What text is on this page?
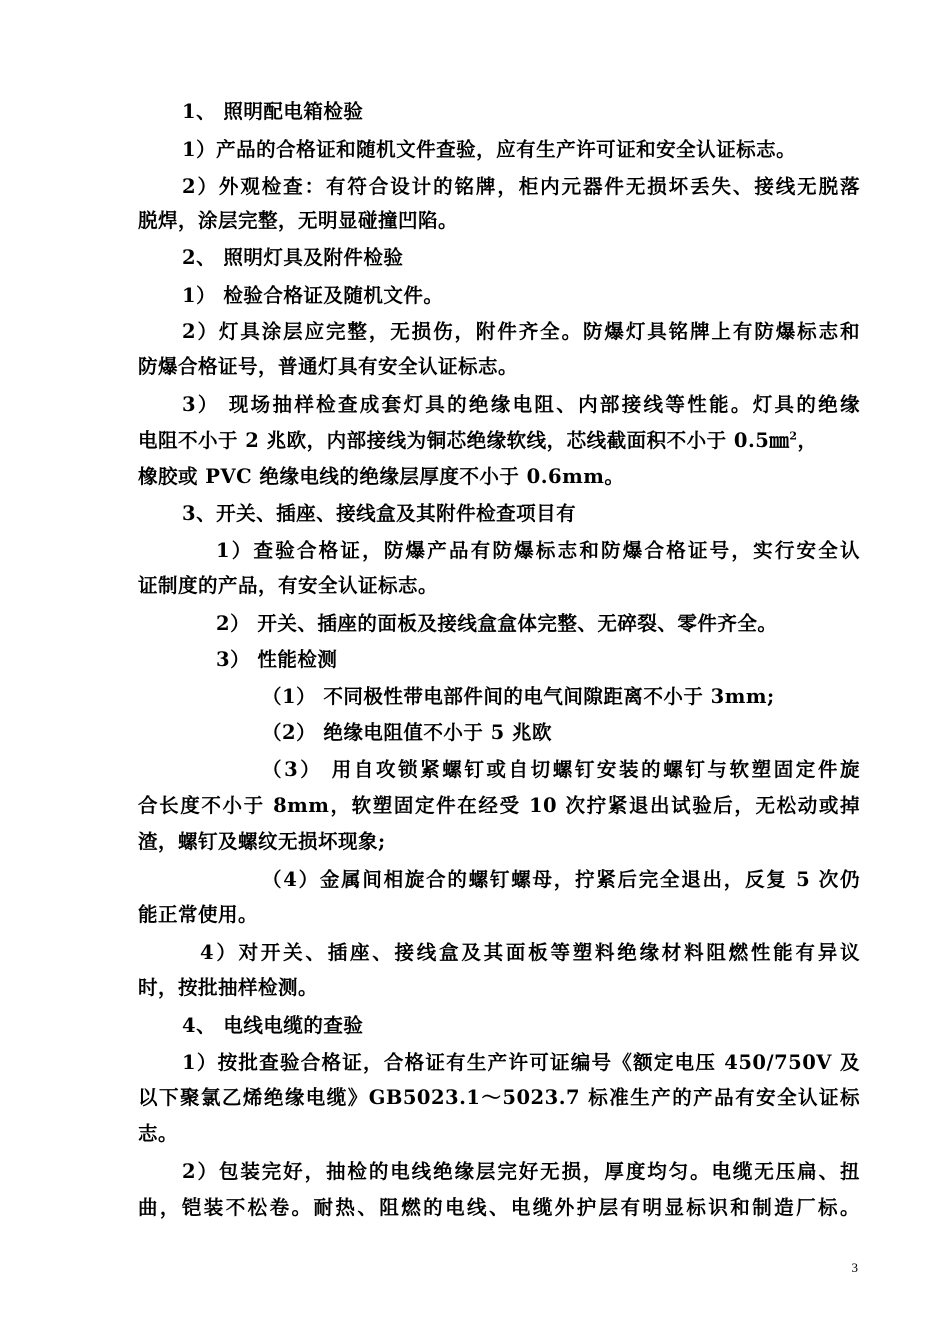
1、 照明配电箱检验
1）产品的合格证和随机文件查验，应有生产许可证和安全认证标志。
2）外观检查：有符合设计的铭牌，柜内元器件无损坏丢失、接线无脱落
脱焊，涂层完整，无明显碰撞凹陷。
2、 照明灯具及附件检验
1） 检验合格证及随机文件。
2）灯具涂层应完整，无损伤，附件齐全。防爆灯具铭牌上有防爆标志和
防爆合格证号，普通灯具有安全认证标志。
3） 现场抽样检查成套灯具的绝缘电阻、内部接线等性能。灯具的绝缘
电阻不小于 2 兆欧，内部接线为铜芯绝缘软线，芯线截面积不小于 0.5㎜$^2$，
橡胶或 PVC 绝缘电线的绝缘层厚度不小于 0.6mm。
3、开关、插座、接线盒及其附件检查项目有
1）查验合格证，防爆产品有防爆标志和防爆合格证号，实行安全认
证制度的产品，有安全认证标志。
2） 开关、插座的面板及接线盒盒体完整、无碎裂、零件齐全。
3） 性能检测
（1） 不同极性带电部件间的电气间隙距离不小于 3mm;
（2） 绝缘电阻值不小于 5 兆欧
（3） 用自攻锁紧螺钉或自切螺钉安装的螺钉与软塑固定件旋
合长度不小于 8mm，软塑固定件在经受 10 次拧紧退出试验后，无松动或掉
渣，螺钉及螺纹无损坏现象;
（4）金属间相旋合的螺钉螺母，拧紧后完全退出，反复 5 次仍
能正常使用。
4）对开关、插座、接线盒及其面板等塑料绝缘材料阻燃性能有异议
时，按批抽样检测。
4、 电线电缆的查验
1）按批查验合格证，合格证有生产许可证编号《额定电压 450/750V 及
以下聚氯乙烯绝缘电缆》GB5023.1～5023.7 标准生产的产品有安全认证标
志。
2）包装完好，抽检的电线绝缘层完好无损，厚度均匀。电缆无压扁、扭
曲，铠装不松卷。耐热、阻燃的电线、电缆外护层有明显标识和制造厂标。
3
